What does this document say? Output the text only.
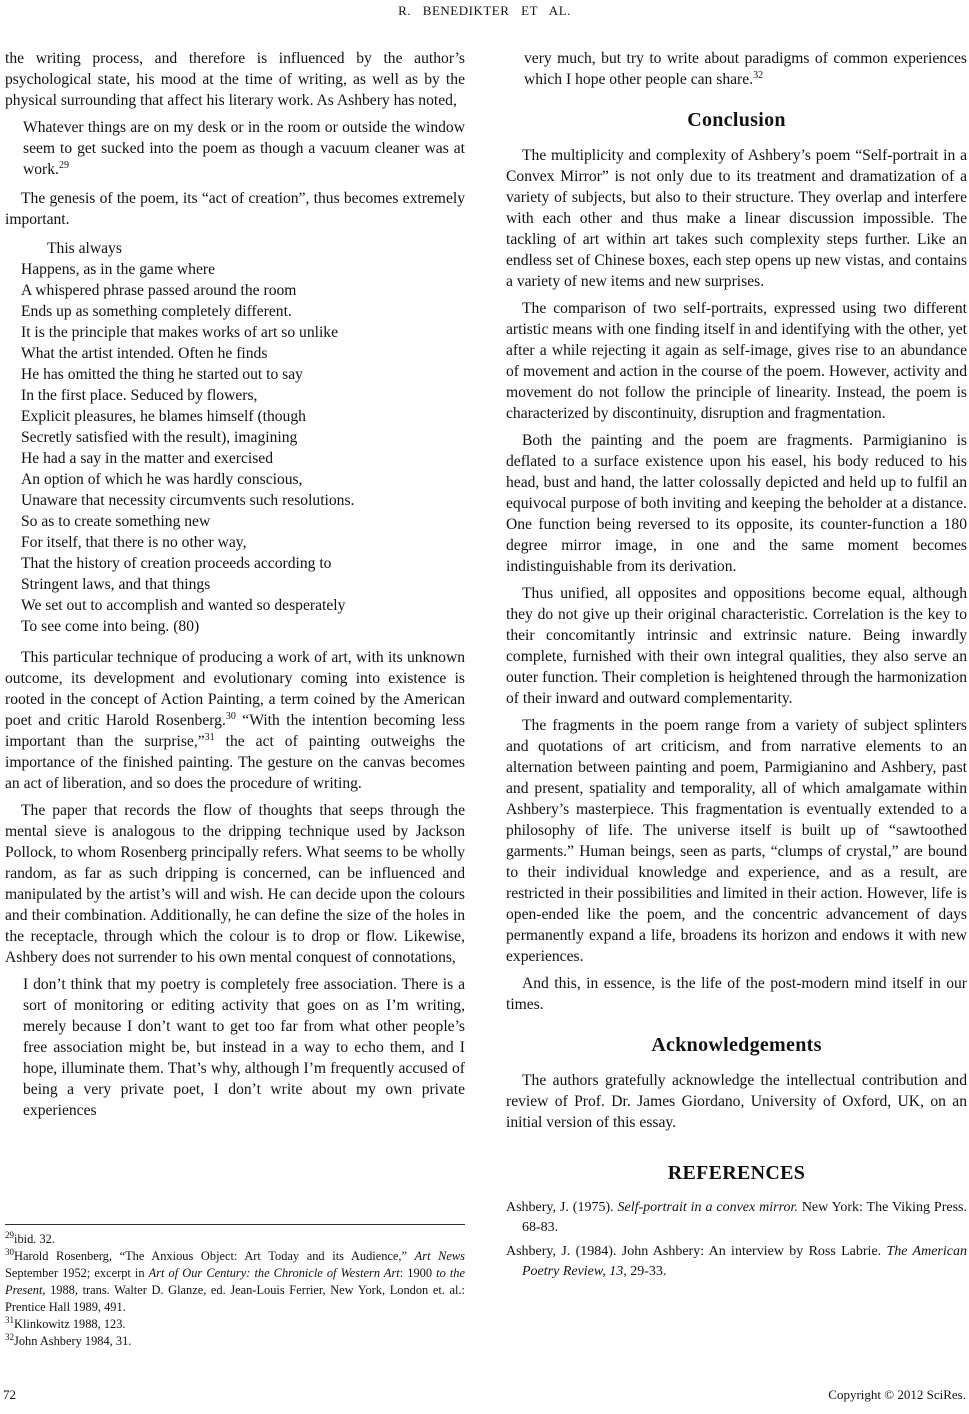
R. BENEDIKTER ET AL.

the writing process, and therefore is influenced by the author’s psychological state, his mood at the time of writing, as well as by the physical surrounding that affect his literary work. As Ashbery has noted,

Whatever things are on my desk or in the room or outside the window seem to get sucked into the poem as though a vacuum cleaner was at work.$^{29}$

The genesis of the poem, its “act of creation”, thus becomes extremely important.

This always
Happens, as in the game where
A whispered phrase passed around the room
Ends up as something completely different.
It is the principle that makes works of art so unlike
What the artist intended. Often he finds
He has omitted the thing he started out to say
In the first place. Seduced by flowers,
Explicit pleasures, he blames himself (though
Secretly satisfied with the result), imagining
He had a say in the matter and exercised
An option of which he was hardly conscious,
Unaware that necessity circumvents such resolutions.
So as to create something new
For itself, that there is no other way,
That the history of creation proceeds according to
Stringent laws, and that things
We set out to accomplish and wanted so desperately
To see come into being. (80)

This particular technique of producing a work of art, with its unknown outcome, its development and evolutionary coming into existence is rooted in the concept of Action Painting, a term coined by the American poet and critic Harold Rosenberg.$^{30}$ “With the intention becoming less important than the surprise,”$^{31}$ the act of painting outweighs the importance of the finished painting. The gesture on the canvas becomes an act of liberation, and so does the procedure of writing.

The paper that records the flow of thoughts that seeps through the mental sieve is analogous to the dripping technique used by Jackson Pollock, to whom Rosenberg principally refers. What seems to be wholly random, as far as such dripping is concerned, can be influenced and manipulated by the artist’s will and wish. He can decide upon the colours and their combination. Additionally, he can define the size of the holes in the receptacle, through which the colour is to drop or flow. Likewise, Ashbery does not surrender to his own mental conquest of connotations,

I don’t think that my poetry is completely free association. There is a sort of monitoring or editing activity that goes on as I’m writing, merely because I don’t want to get too far from what other people’s free association might be, but instead in a way to echo them, and I hope, illuminate them. That’s why, although I’m frequently accused of being a very private poet, I don’t write about my own private experiences

very much, but try to write about paradigms of common experiences which I hope other people can share.$^{32}$

Conclusion

The multiplicity and complexity of Ashbery’s poem “Self-portrait in a Convex Mirror” is not only due to its treatment and dramatization of a variety of subjects, but also to their structure. They overlap and interfere with each other and thus make a linear discussion impossible. The tackling of art within art takes such complexity steps further. Like an endless set of Chinese boxes, each step opens up new vistas, and contains a variety of new items and new surprises.

The comparison of two self-portraits, expressed using two different artistic means with one finding itself in and identifying with the other, yet after a while rejecting it again as self-image, gives rise to an abundance of movement and action in the course of the poem. However, activity and movement do not follow the principle of linearity. Instead, the poem is characterized by discontinuity, disruption and fragmentation.

Both the painting and the poem are fragments. Parmigianino is deflated to a surface existence upon his easel, his body reduced to his head, bust and hand, the latter colossally depicted and held up to fulfil an equivocal purpose of both inviting and keeping the beholder at a distance. One function being reversed to its opposite, its counter-function a 180 degree mirror image, in one and the same moment becomes indistinguishable from its derivation.

Thus unified, all opposites and oppositions become equal, although they do not give up their original characteristic. Correlation is the key to their concomitantly intrinsic and extrinsic nature. Being inwardly complete, furnished with their own integral qualities, they also serve an outer function. Their completion is heightened through the harmonization of their inward and outward complementarity.

The fragments in the poem range from a variety of subject splinters and quotations of art criticism, and from narrative elements to an alternation between painting and poem, Parmigianino and Ashbery, past and present, spatiality and temporality, all of which amalgamate within Ashbery’s masterpiece. This fragmentation is eventually extended to a philosophy of life. The universe itself is built up of “sawtoothed garments.” Human beings, seen as parts, “clumps of crystal,” are bound to their individual knowledge and experience, and as a result, are restricted in their possibilities and limited in their action. However, life is open-ended like the poem, and the concentric advancement of days permanently expand a life, broadens its horizon and endows it with new experiences.

And this, in essence, is the life of the post-modern mind itself in our times.

Acknowledgements

The authors gratefully acknowledge the intellectual contribution and review of Prof. Dr. James Giordano, University of Oxford, UK, on an initial version of this essay.

REFERENCES
Ashbery, J. (1975). Self-portrait in a convex mirror. New York: The Viking Press. 68-83.
Ashbery, J. (1984). John Ashbery: An interview by Ross Labrie. The American Poetry Review, 13, 29-33.
$^{29}$ibid. 32.
$^{30}$Harold Rosenberg, “The Anxious Object: Art Today and its Audience,” Art News September 1952; excerpt in Art of Our Century: the Chronicle of Western Art: 1900 to the Present, 1988, trans. Walter D. Glanze, ed. Jean-Louis Ferrier, New York, London et. al.: Prentice Hall 1989, 491.
$^{31}$Klinkowitz 1988, 123.
$^{32}$John Ashbery 1984, 31.
72	Copyright © 2012 SciRes.
